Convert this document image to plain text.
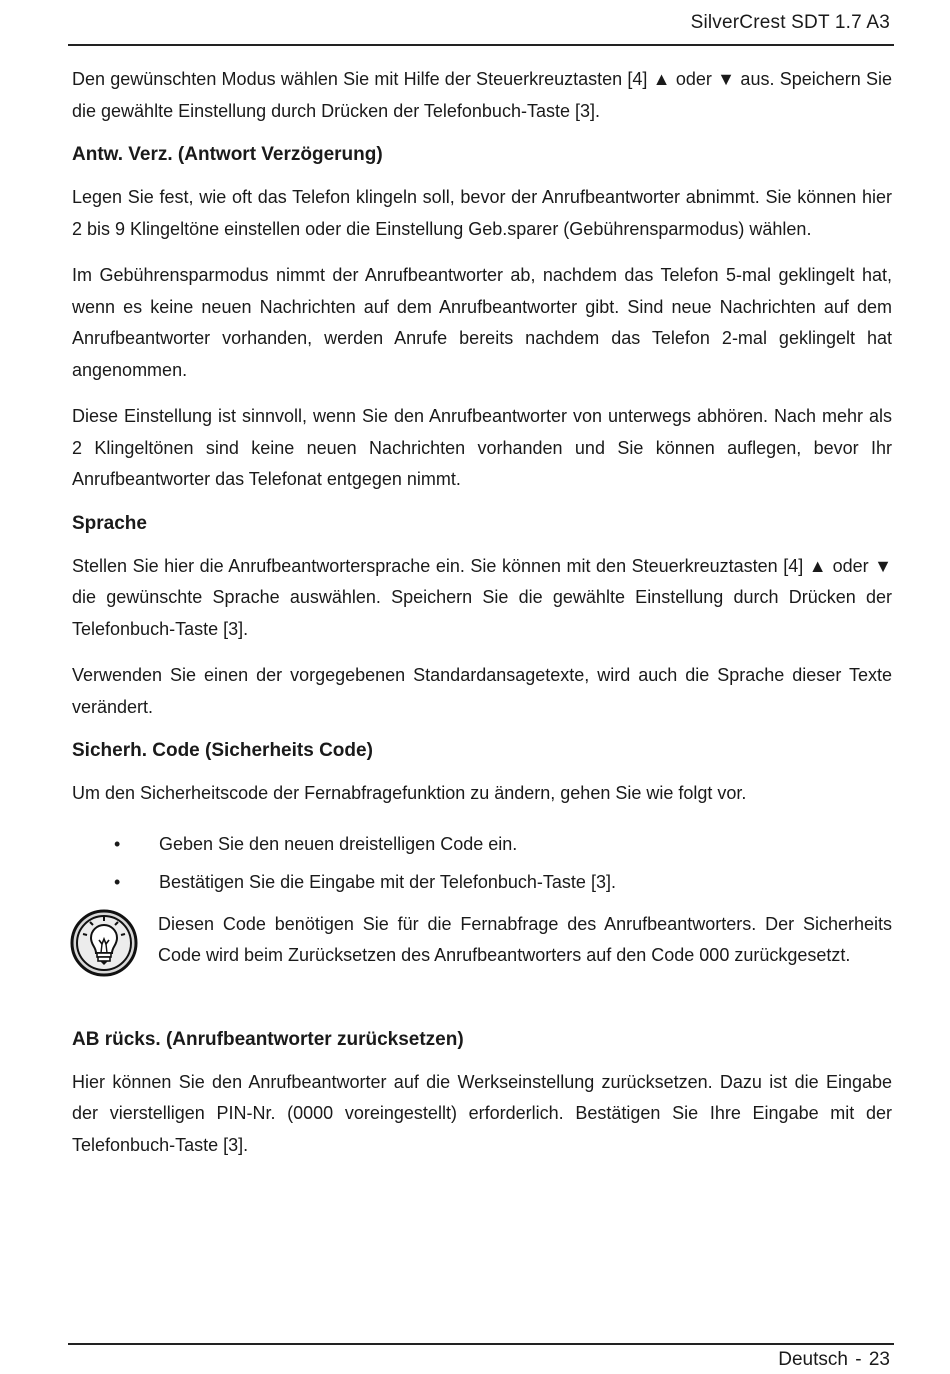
SilverCrest SDT 1.7 A3

Den gewünschten Modus wählen Sie mit Hilfe der Steuerkreuztasten [4] ▲ oder ▼ aus. Speichern Sie die gewählte Einstellung durch Drücken der Telefonbuch-Taste [3].

Antw. Verz. (Antwort Verzögerung)

Legen Sie fest, wie oft das Telefon klingeln soll, bevor der Anrufbeantworter abnimmt. Sie können hier 2 bis 9 Klingeltöne einstellen oder die Einstellung Geb.sparer (Gebührensparmodus) wählen.

Im Gebührensparmodus nimmt der Anrufbeantworter ab, nachdem das Telefon 5-mal geklingelt hat, wenn es keine neuen Nachrichten auf dem Anrufbeantworter gibt. Sind neue Nachrichten auf dem Anrufbeantworter vorhanden, werden Anrufe bereits nachdem das Telefon 2-mal geklingelt hat angenommen.

Diese Einstellung ist sinnvoll, wenn Sie den Anrufbeantworter von unterwegs abhören. Nach mehr als 2 Klingeltönen sind keine neuen Nachrichten vorhanden und Sie können auflegen, bevor Ihr Anrufbeantworter das Telefonat entgegen nimmt.

Sprache

Stellen Sie hier die Anrufbeantwortersprache ein. Sie können mit den Steuerkreuztasten [4] ▲ oder ▼ die gewünschte Sprache auswählen. Speichern Sie die gewählte Einstellung durch Drücken der Telefonbuch-Taste [3].

Verwenden Sie einen der vorgegebenen Standardansagetexte, wird auch die Sprache dieser Texte verändert.

Sicherh. Code (Sicherheits Code)

Um den Sicherheitscode der Fernabfragefunktion zu ändern, gehen Sie wie folgt vor.

• Geben Sie den neuen dreistelligen Code ein.
• Bestätigen Sie die Eingabe mit der Telefonbuch-Taste [3].

Diesen Code benötigen Sie für die Fernabfrage des Anrufbeantworters. Der Sicherheits Code wird beim Zurücksetzen des Anrufbeantworters auf den Code 000 zurückgesetzt.

AB rücks. (Anrufbeantworter zurücksetzen)

Hier können Sie den Anrufbeantworter auf die Werkseinstellung zurücksetzen. Dazu ist die Eingabe der vierstelligen PIN-Nr. (0000 voreingestellt) erforderlich. Bestätigen Sie Ihre Eingabe mit der Telefonbuch-Taste [3].

Deutsch - 23
